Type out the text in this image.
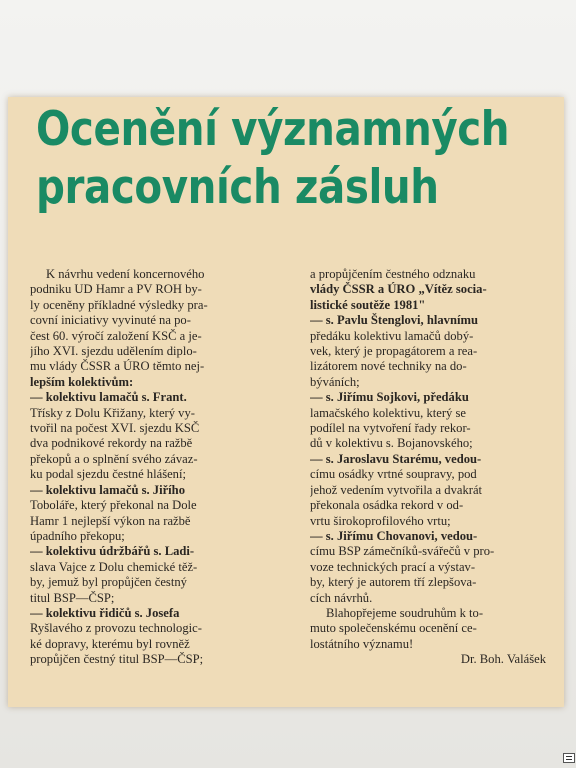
Ocenění významných
pracovních zásluh
K návrhu vedení koncernového
podniku UD Hamr a PV ROH by-
ly oceněny příkladné výsledky pra-
covní iniciativy vyvinuté na po-
čest 60. výročí založení KSČ a je-
jího XVI. sjezdu udělením diplo-
mu vlády ČSSR a ÚRO těmto nej-
lepším kolektivům:
— kolektivu lamačů s. Frant.
Třísky z Dolu Křižany, který vy-
tvořil na počest XVI. sjezdu KSČ
dva podnikové rekordy na ražbě
překopů a o splnění svého závaz-
ku podal sjezdu čestné hlášení;
— kolektivu lamačů s. Jiřího
Toboláře, který překonal na Dole
Hamr 1 nejlepší výkon na ražbě
úpadního překopu;
— kolektivu údržbářů s. Ladi-
slava Vajce z Dolu chemické těž-
by, jemuž byl propůjčen čestný
titul BSP—ČSP;
— kolektivu řidičů s. Josefa
Ryšlavého z provozu technologic-
ké dopravy, kterému byl rovněž
propůjčen čestný titul BSP—ČSP;
a propůjčením čestného odznaku
vlády ČSSR a ÚRO „Vítěz socia-
listické soutěže 1981"
— s. Pavlu Štenglovi, hlavnímu
předáku kolektivu lamačů dobý-
vek, který je propagátorem a rea-
lizátorem nové techniky na do-
býváních;
— s. Jiřímu Sojkovi, předáku
lamačského kolektivu, který se
podílel na vytvoření řady rekor-
dů v kolektivu s. Bojanovského;
— s. Jaroslavu Starému, vedou-
címu osádky vrtné soupravy, pod
jehož vedením vytvořila a dvakrát
překonala osádka rekord v od-
vrtu širokoprofilového vrtu;
— s. Jiřímu Chovanovi, vedou-
címu BSP zámečníků-svářečů v pro-
voze technických prací a výstav-
by, který je autorem tří zlepšova-
cích návrhů.
Blahopřejeme soudruhům k to-
muto společenskému ocenění ce-
lostátního významu!
Dr. Boh. Valášek
